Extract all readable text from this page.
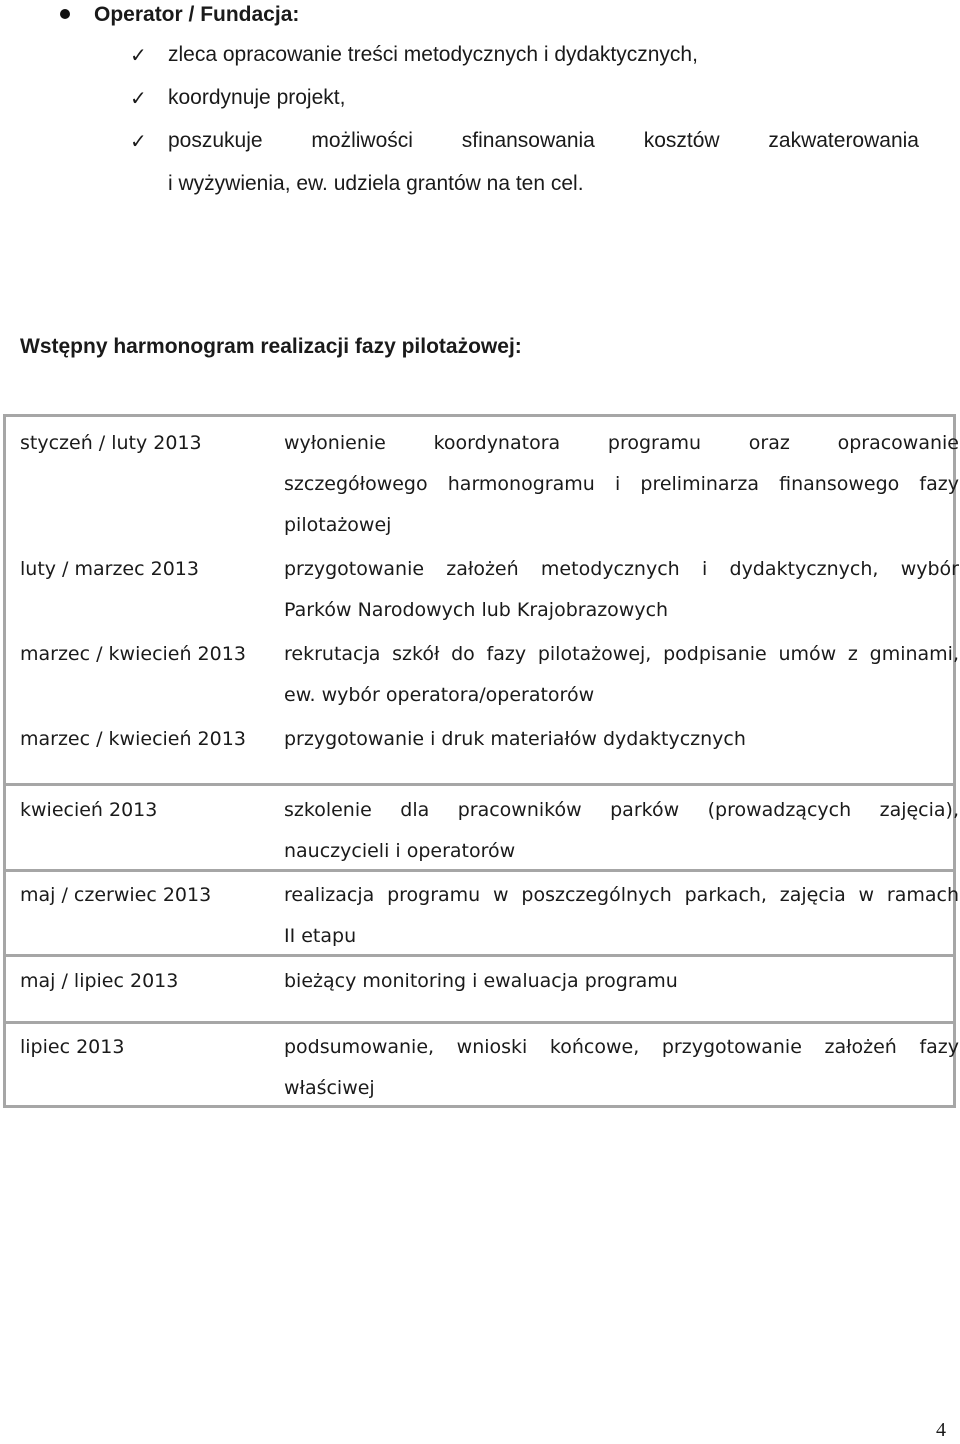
Operator / Fundacja:
✓ zleca opracowanie treści metodycznych i dydaktycznych,
✓ koordynuje projekt,
✓ poszukuje możliwości sfinansowania kosztów zakwaterowania
i wyżywienia, ew. udziela grantów na ten cel.
Wstępny harmonogram realizacji fazy pilotażowej:
styczeń / luty 2013	wyłonienie koordynatora programu oraz opracowanie
szczegółowego harmonogramu i preliminarza finansowego fazy
pilotażowej
luty / marzec 2013	przygotowanie założeń metodycznych i dydaktycznych, wybór
Parków Narodowych lub Krajobrazowych
marzec / kwiecień 2013 rekrutacja szkół do fazy pilotażowej, podpisanie umów z gminami,
ew. wybór operatora/operatorów
marzec / kwiecień 2013 przygotowanie i druk materiałów dydaktycznych
kwiecień 2013	szkolenie dla pracowników parków (prowadzących zajęcia),
nauczycieli i operatorów
maj / czerwiec 2013	realizacja programu w poszczególnych parkach, zajęcia w ramach
II etapu
maj / lipiec 2013	bieżący monitoring i ewaluacja programu
lipiec 2013	podsumowanie, wnioski końcowe, przygotowanie założeń fazy
właściwej
4
